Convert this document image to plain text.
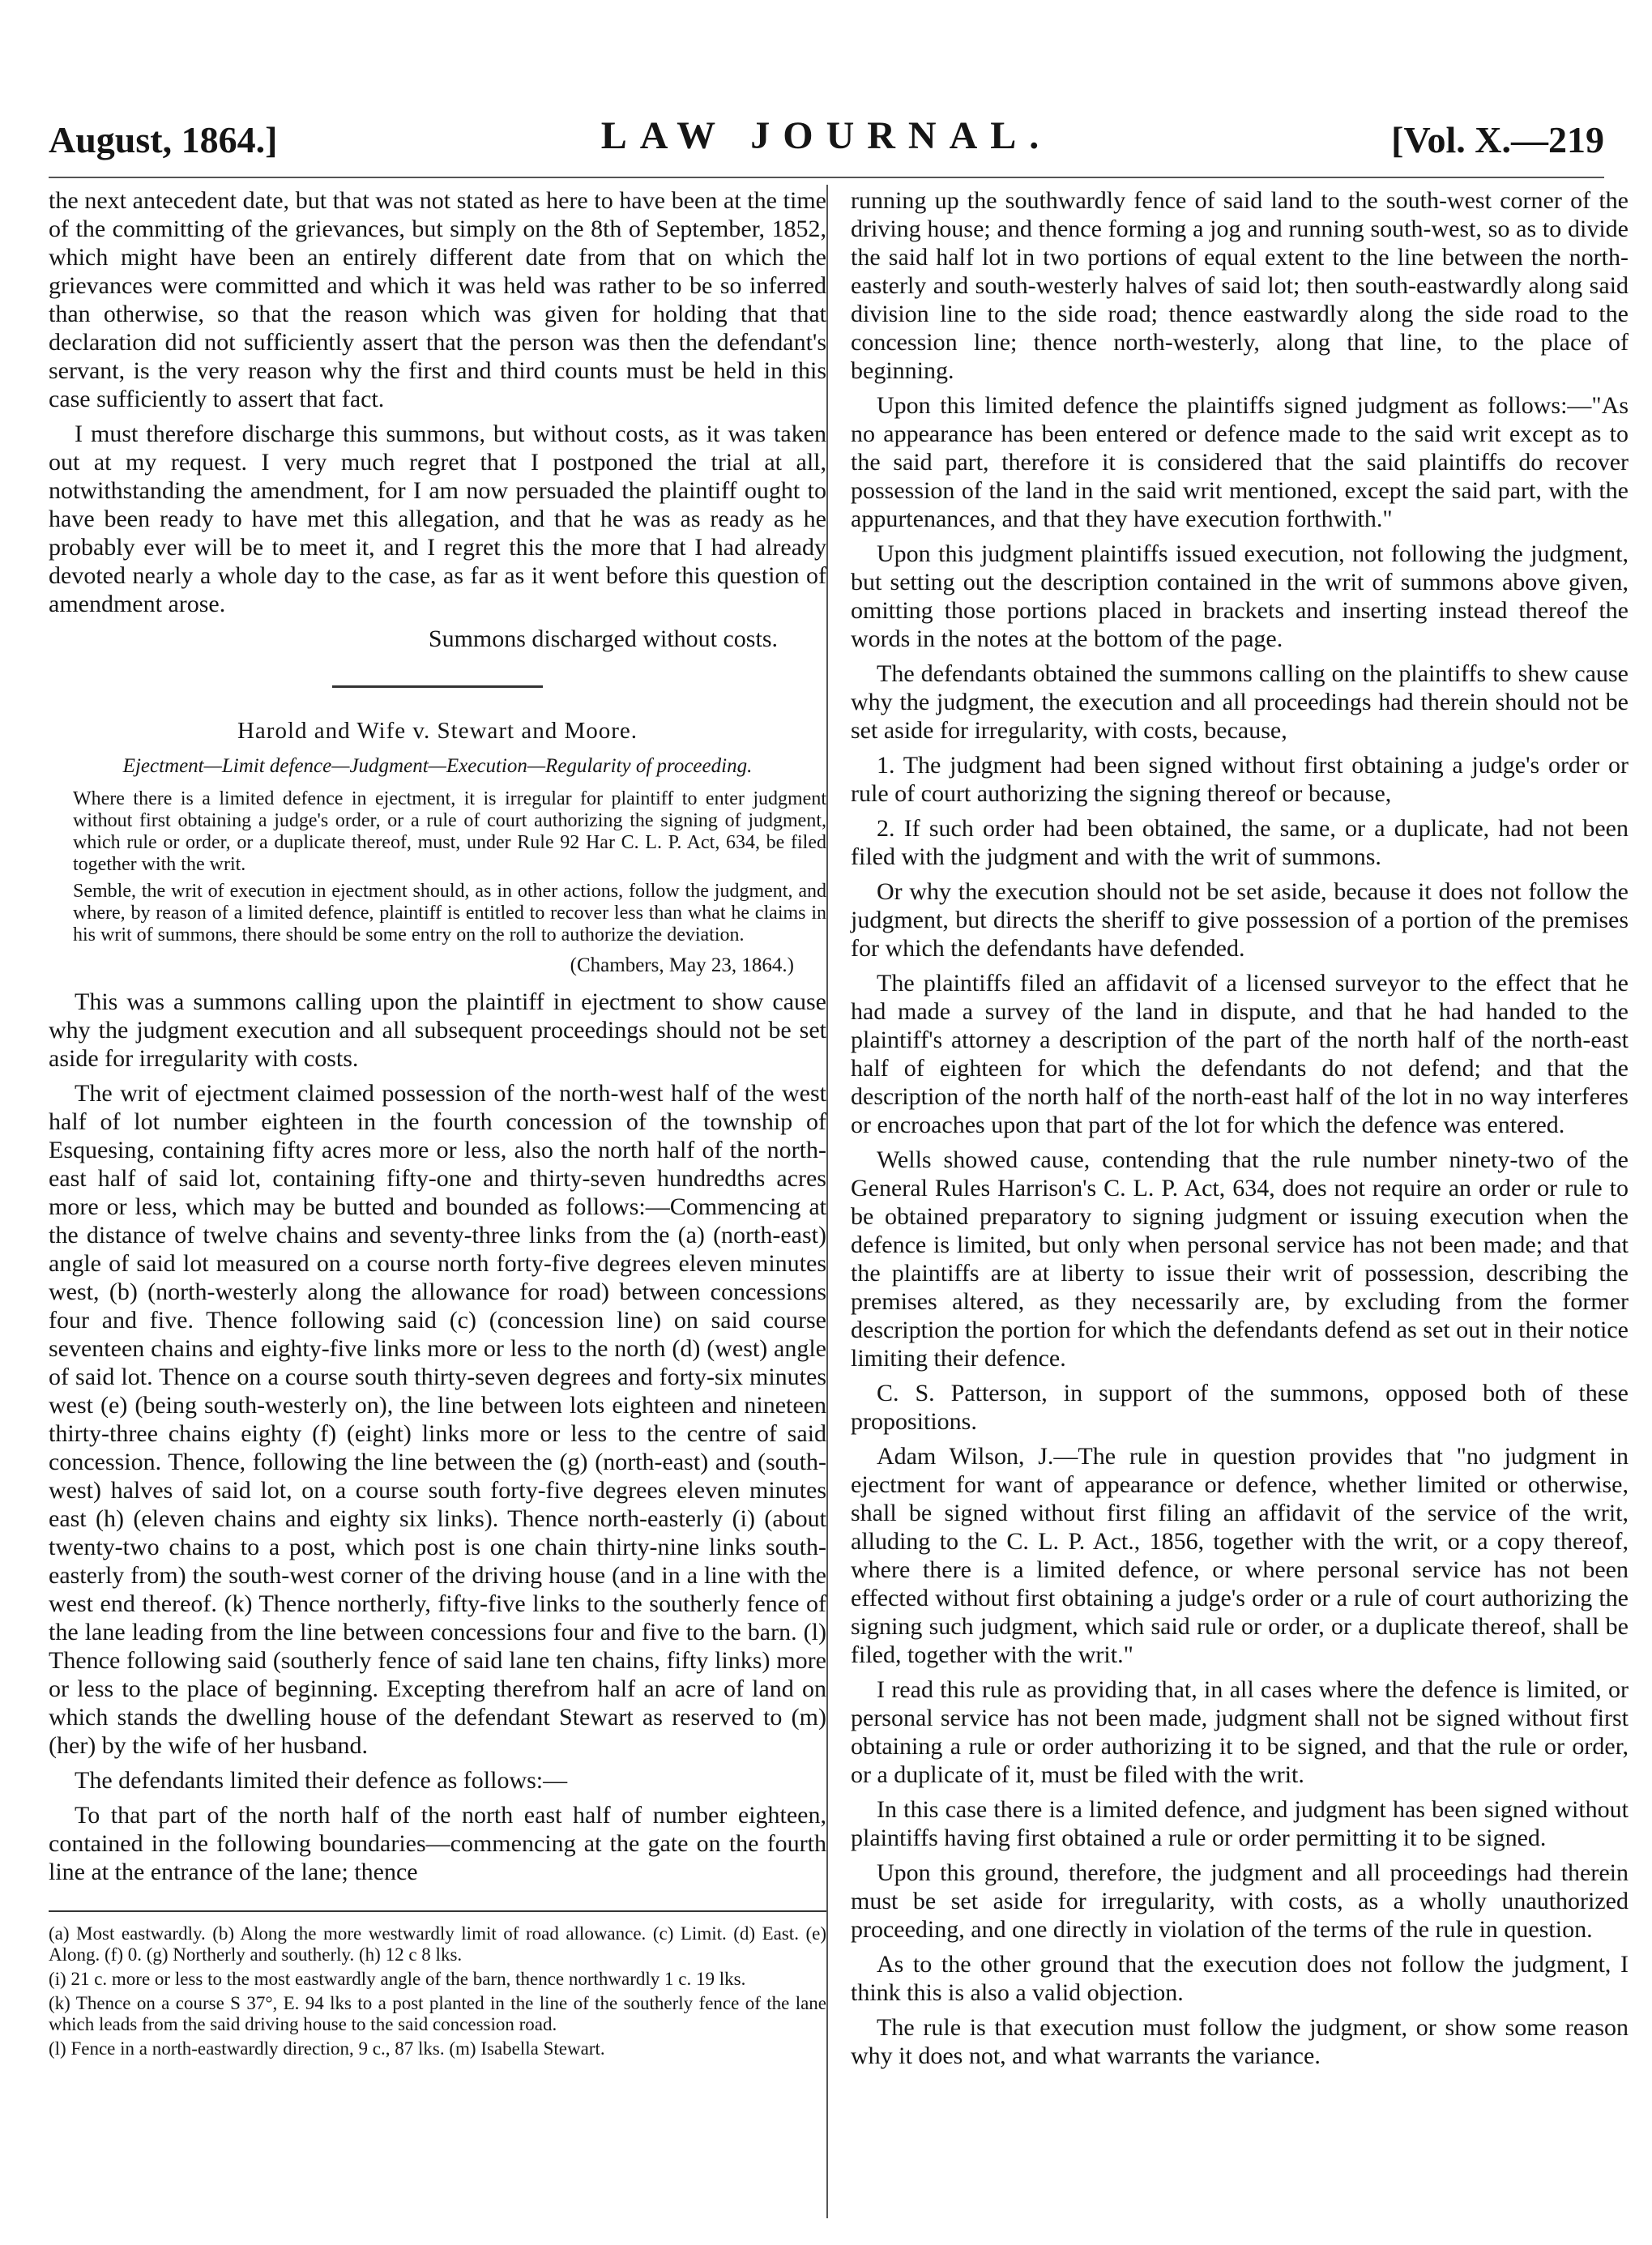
August, 1864.]	LAW JOURNAL.	[Vol. X.—219

the next antecedent date, but that was not stated as here to have been at the time of the committing of the grievances, but simply on the 8th of September, 1852, which might have been an entirely different date from that on which the grievances were committed and which it was held was rather to be so inferred than otherwise, so that the reason which was given for holding that that declaration did not sufficiently assert that the person was then the defendant's servant, is the very reason why the first and third counts must be held in this case sufficiently to assert that fact.

I must therefore discharge this summons, but without costs, as it was taken out at my request. I very much regret that I postponed the trial at all, notwithstanding the amendment, for I am now persuaded the plaintiff ought to have been ready to have met this allegation, and that he was as ready as he probably ever will be to meet it, and I regret this the more that I had already devoted nearly a whole day to the case, as far as it went before this question of amendment arose.

Summons discharged without costs.

Harold and Wife v. Stewart and Moore.
Ejectment—Limit defence—Judgment—Execution—Regularity of proceeding.

Where there is a limited defence in ejectment, it is irregular for plaintiff to enter judgment without first obtaining a judge's order, or a rule of court authorizing the signing of judgment, which rule or order, or a duplicate thereof, must, under Rule 92 Har C. L. P. Act, 634, be filed together with the writ.

Semble, the writ of execution in ejectment should, as in other actions, follow the judgment, and where, by reason of a limited defence, plaintiff is entitled to recover less than what he claims in his writ of summons, there should be some entry on the roll to authorize the deviation.

(Chambers, May 23, 1864.)

This was a summons calling upon the plaintiff in ejectment to show cause why the judgment execution and all subsequent proceedings should not be set aside for irregularity with costs.

The writ of ejectment claimed possession of the north-west half of the west half of lot number eighteen in the fourth concession of the township of Esquesing, containing fifty acres more or less, also the north half of the north-east half of said lot, containing fifty-one and thirty-seven hundredths acres more or less, which may be butted and bounded as follows:—Commencing at the distance of twelve chains and seventy-three links from the (a) (north-east) angle of said lot measured on a course north forty-five degrees eleven minutes west, (b) (north-westerly along the allowance for road) between concessions four and five. Thence following said (c) (concession line) on said course seventeen chains and eighty-five links more or less to the north (d) (west) angle of said lot. Thence on a course south thirty-seven degrees and forty-six minutes west (e) (being south-westerly on), the line between lots eighteen and nineteen thirty-three chains eighty (f) (eight) links more or less to the centre of said concession. Thence, following the line between the (g) (north-east) and (south-west) halves of said lot, on a course south forty-five degrees eleven minutes east (h) (eleven chains and eighty six links). Thence north-easterly (i) (about twenty-two chains to a post, which post is one chain thirty-nine links south-easterly from) the south-west corner of the driving house (and in a line with the west end thereof. (k) Thence northerly, fifty-five links to the southerly fence of the lane leading from the line between concessions four and five to the barn. (l) Thence following said (southerly fence of said lane ten chains, fifty links) more or less to the place of beginning. Excepting therefrom half an acre of land on which stands the dwelling house of the defendant Stewart as reserved to (m) (her) by the wife of her husband.

The defendants limited their defence as follows:—

To that part of the north half of the north east half of number eighteen, contained in the following boundaries—commencing at the gate on the fourth line at the entrance of the lane; thence

(a) Most eastwardly. (b) Along the more westwardly limit of road allowance. (c) Limit. (d) East. (e) Along. (f) 0. (g) Northerly and southerly. (h) 12 c 8 lks.

(i) 21 c. more or less to the most eastwardly angle of the barn, thence northwardly 1 c. 19 lks.

(k) Thence on a course S 37°, E. 94 lks to a post planted in the line of the southerly fence of the lane which leads from the said driving house to the said concession road.

(l) Fence in a north-eastwardly direction, 9 c., 87 lks. (m) Isabella Stewart.

running up the southwardly fence of said land to the south-west corner of the driving house; and thence forming a jog and running south-west, so as to divide the said half lot in two portions of equal extent to the line between the north-easterly and south-westerly halves of said lot; then south-eastwardly along said division line to the side road; thence eastwardly along the side road to the concession line; thence north-westerly, along that line, to the place of beginning.

Upon this limited defence the plaintiffs signed judgment as follows:—"As no appearance has been entered or defence made to the said writ except as to the said part, therefore it is considered that the said plaintiffs do recover possession of the land in the said writ mentioned, except the said part, with the appurtenances, and that they have execution forthwith."

Upon this judgment plaintiffs issued execution, not following the judgment, but setting out the description contained in the writ of summons above given, omitting those portions placed in brackets and inserting instead thereof the words in the notes at the bottom of the page.

The defendants obtained the summons calling on the plaintiffs to shew cause why the judgment, the execution and all proceedings had therein should not be set aside for irregularity, with costs, because,

1. The judgment had been signed without first obtaining a judge's order or rule of court authorizing the signing thereof or because,

2. If such order had been obtained, the same, or a duplicate, had not been filed with the judgment and with the writ of summons.

Or why the execution should not be set aside, because it does not follow the judgment, but directs the sheriff to give possession of a portion of the premises for which the defendants have defended.

The plaintiffs filed an affidavit of a licensed surveyor to the effect that he had made a survey of the land in dispute, and that he had handed to the plaintiff's attorney a description of the part of the north half of the north-east half of eighteen for which the defendants do not defend; and that the description of the north half of the north-east half of the lot in no way interferes or encroaches upon that part of the lot for which the defence was entered.

Wells showed cause, contending that the rule number ninety-two of the General Rules Harrison's C. L. P. Act, 634, does not require an order or rule to be obtained preparatory to signing judgment or issuing execution when the defence is limited, but only when personal service has not been made; and that the plaintiffs are at liberty to issue their writ of possession, describing the premises altered, as they necessarily are, by excluding from the former description the portion for which the defendants defend as set out in their notice limiting their defence.

C. S. Patterson, in support of the summons, opposed both of these propositions.

Adam Wilson, J.—The rule in question provides that "no judgment in ejectment for want of appearance or defence, whether limited or otherwise, shall be signed without first filing an affidavit of the service of the writ, alluding to the C. L. P. Act., 1856, together with the writ, or a copy thereof, where there is a limited defence, or where personal service has not been effected without first obtaining a judge's order or a rule of court authorizing the signing such judgment, which said rule or order, or a duplicate thereof, shall be filed, together with the writ."

I read this rule as providing that, in all cases where the defence is limited, or personal service has not been made, judgment shall not be signed without first obtaining a rule or order authorizing it to be signed, and that the rule or order, or a duplicate of it, must be filed with the writ.

In this case there is a limited defence, and judgment has been signed without plaintiffs having first obtained a rule or order permitting it to be signed.

Upon this ground, therefore, the judgment and all proceedings had therein must be set aside for irregularity, with costs, as a wholly unauthorized proceeding, and one directly in violation of the terms of the rule in question.

As to the other ground that the execution does not follow the judgment, I think this is also a valid objection.

The rule is that execution must follow the judgment, or show some reason why it does not, and what warrants the variance.
